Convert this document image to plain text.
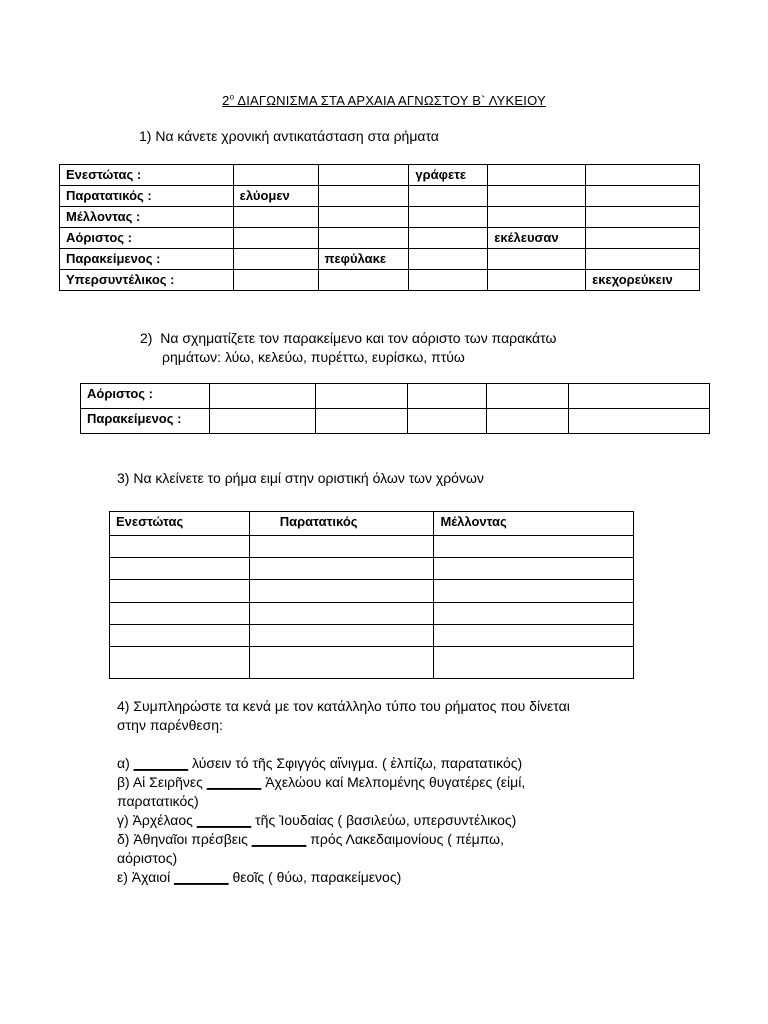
$2^o$ ΔΙΑΓΩΝΙΣΜΑ ΣΤΑ ΑΡΧΑΙΑ ΑΓΝΩΣΤΟΥ Β` ΛΥΚΕΙΟΥ
1) Να κάνετε χρονική αντικατάσταση στα ρήματα
Ενεστώτας :			γράφετε		
Παρατατικός :	ελύομεν				
Μέλλοντας :					
Αόριστος :				εκέλευσαν	
Παρακείμενος :		πεφύλακε			
Υπερσυντέλικος :					εκεχορεύκειν
2) Να σχηματίζετε τον παρακείμενο και τον αόριστο των παρακάτω
ρημάτων: λύω, κελεύω, πυρέττω, ευρίσκω, πτύω
Αόριστος :					
Παρακείμενος :					
3) Να κλείνετε το ρήμα ειμί στην οριστική όλων των χρόνων
Ενεστώτας	Παρατατικός	Μέλλοντας

4) Συμπληρώστε τα κενά με τον κατάλληλο τύπο του ρήματος που δίνεται
στην παρένθεση:
α) _______ λύσειν τό τῆς Σφιγγός αἴνιγμα. ( ἐλπίζω, παρατατικός)
β) Αἱ Σειρῆνες _______ Ἀχελώου καί Μελπομένης θυγατέρες (εἰμί,
παρατατικός)
γ) Ἀρχέλαος _______ τῆς Ἰουδαίας ( βασιλεύω, υπερσυντέλικος)
δ) Ἀθηναῖοι πρέσβεις _______ πρός Λακεδαιμονίους ( πέμπω,
αόριστος)
ε) Ἀχαιοί _______ θεοῖς ( θύω, παρακείμενος)
